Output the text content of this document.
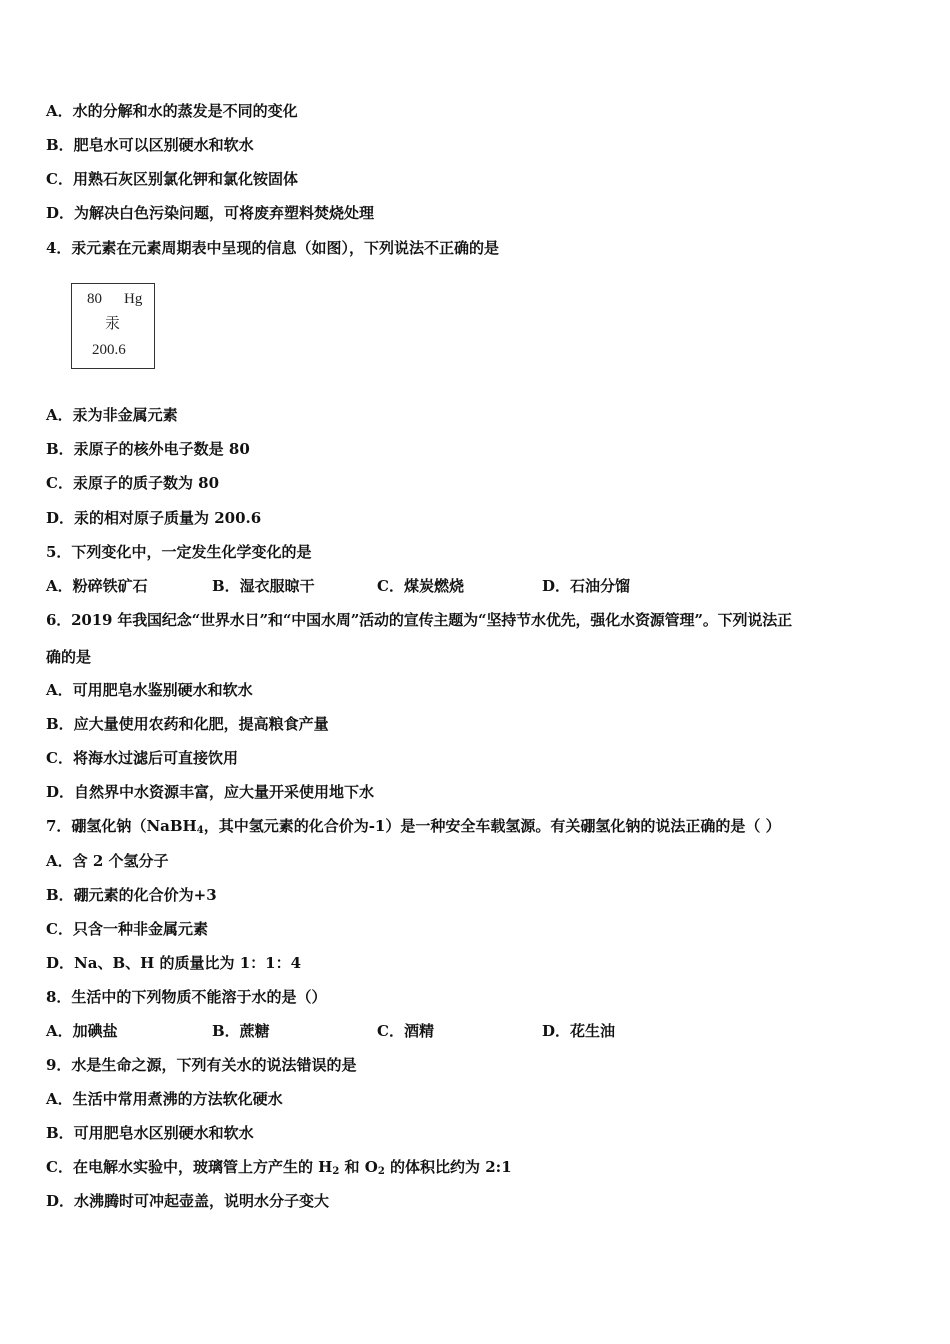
A．水的分解和水的蒸发是不同的变化
B．肥皂水可以区别硬水和软水
C．用熟石灰区别氯化钾和氯化铵固体
D．为解决白色污染问题，可将废弃塑料焚烧处理
4．汞元素在元素周期表中呈现的信息（如图），下列说法不正确的是
80 Hg
汞
200.6
A．汞为非金属元素
B．汞原子的核外电子数是 80
C．汞原子的质子数为 80
D．汞的相对原子质量为 200.6
5．下列变化中，一定发生化学变化的是
A．粉碎铁矿石	B．湿衣服晾干	C．煤炭燃烧	D．石油分馏
6．2019 年我国纪念“世界水日”和“中国水周”活动的宣传主题为“坚持节水优先，强化水资源管理”。下列说法正
确的是
A．可用肥皂水鉴别硬水和软水
B．应大量使用农药和化肥，提高粮食产量
C．将海水过滤后可直接饮用
D．自然界中水资源丰富，应大量开采使用地下水
7．硼氢化钠（NaBH$_4$，其中氢元素的化合价为-1）是一种安全车载氢源。有关硼氢化钠的说法正确的是（ ）
A．含 2 个氢分子
B．硼元素的化合价为+3
C．只含一种非金属元素
D．Na、B、H 的质量比为 1：1：4
8．生活中的下列物质不能溶于水的是（）
A．加碘盐	B．蔗糖	C．酒精	D．花生油
9．水是生命之源，下列有关水的说法错误的是
A．生活中常用煮沸的方法软化硬水
B．可用肥皂水区别硬水和软水
C．在电解水实验中，玻璃管上方产生的 $H_2$ 和 $O_2$ 的体积比约为 2:1
D．水沸腾时可冲起壶盖，说明水分子变大
